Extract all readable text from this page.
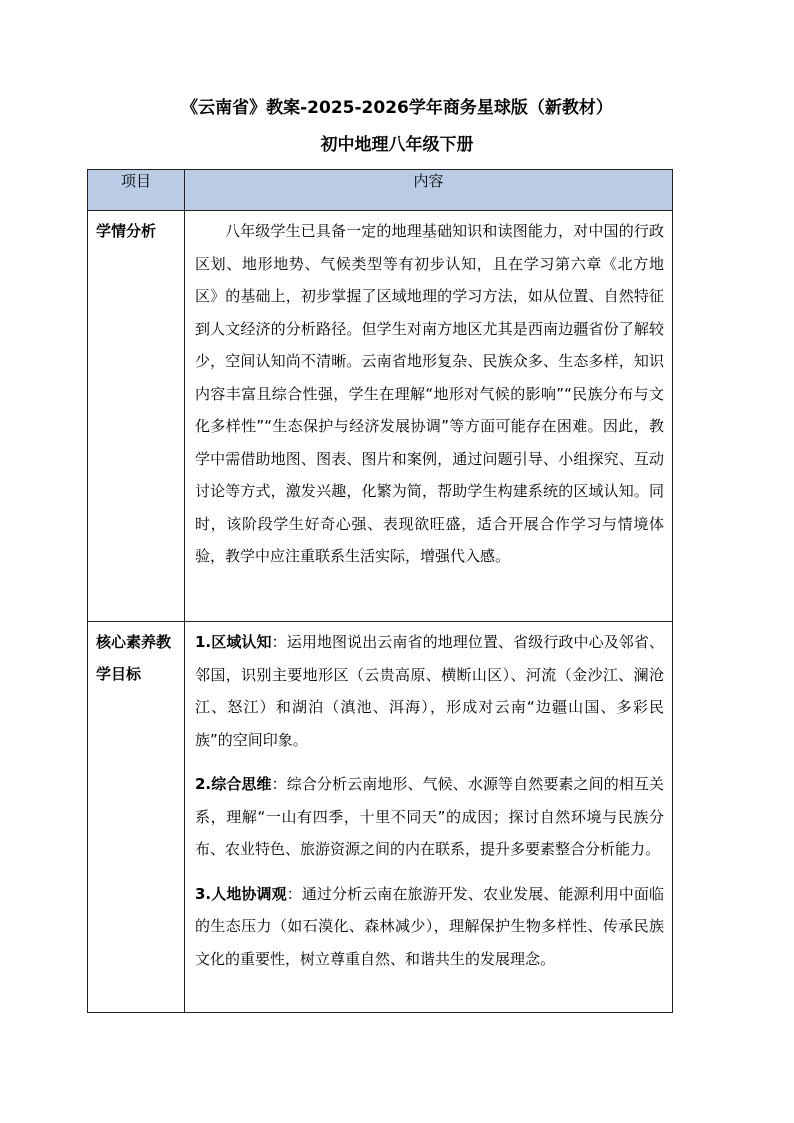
《云南省》教案-2025-2026学年商务星球版（新教材）
初中地理八年级下册
项目	内容
学情分析	八年级学生已具备一定的地理基础知识和读图能力，对中国的行政区划、地形地势、气候类型等有初步认知，且在学习第六章《北方地区》的基础上，初步掌握了区域地理的学习方法，如从位置、自然特征到人文经济的分析路径。但学生对南方地区尤其是西南边疆省份了解较少，空间认知尚不清晰。云南省地形复杂、民族众多、生态多样，知识内容丰富且综合性强，学生在理解“地形对气候的影响”“民族分布与文化多样性”“生态保护与经济发展协调”等方面可能存在困难。因此，教学中需借助地图、图表、图片和案例，通过问题引导、小组探究、互动讨论等方式，激发兴趣，化繁为简，帮助学生构建系统的区域认知。同时，该阶段学生好奇心强、表现欲旺盛，适合开展合作学习与情境体验，教学中应注重联系生活实际，增强代入感。

核心素养教学目标	1.区域认知：运用地图说出云南省的地理位置、省级行政中心及邻省、邻国，识别主要地形区（云贵高原、横断山区）、河流（金沙江、澜沧江、怒江）和湖泊（滇池、洱海），形成对云南“边疆山国、多彩民族”的空间印象。

2.综合思维：综合分析云南地形、气候、水源等自然要素之间的相互关系，理解“一山有四季，十里不同天”的成因；探讨自然环境与民族分布、农业特色、旅游资源之间的内在联系，提升多要素整合分析能力。

3.人地协调观：通过分析云南在旅游开发、农业发展、能源利用中面临的生态压力（如石漠化、森林减少），理解保护生物多样性、传承民族文化的重要性，树立尊重自然、和谐共生的发展理念。
